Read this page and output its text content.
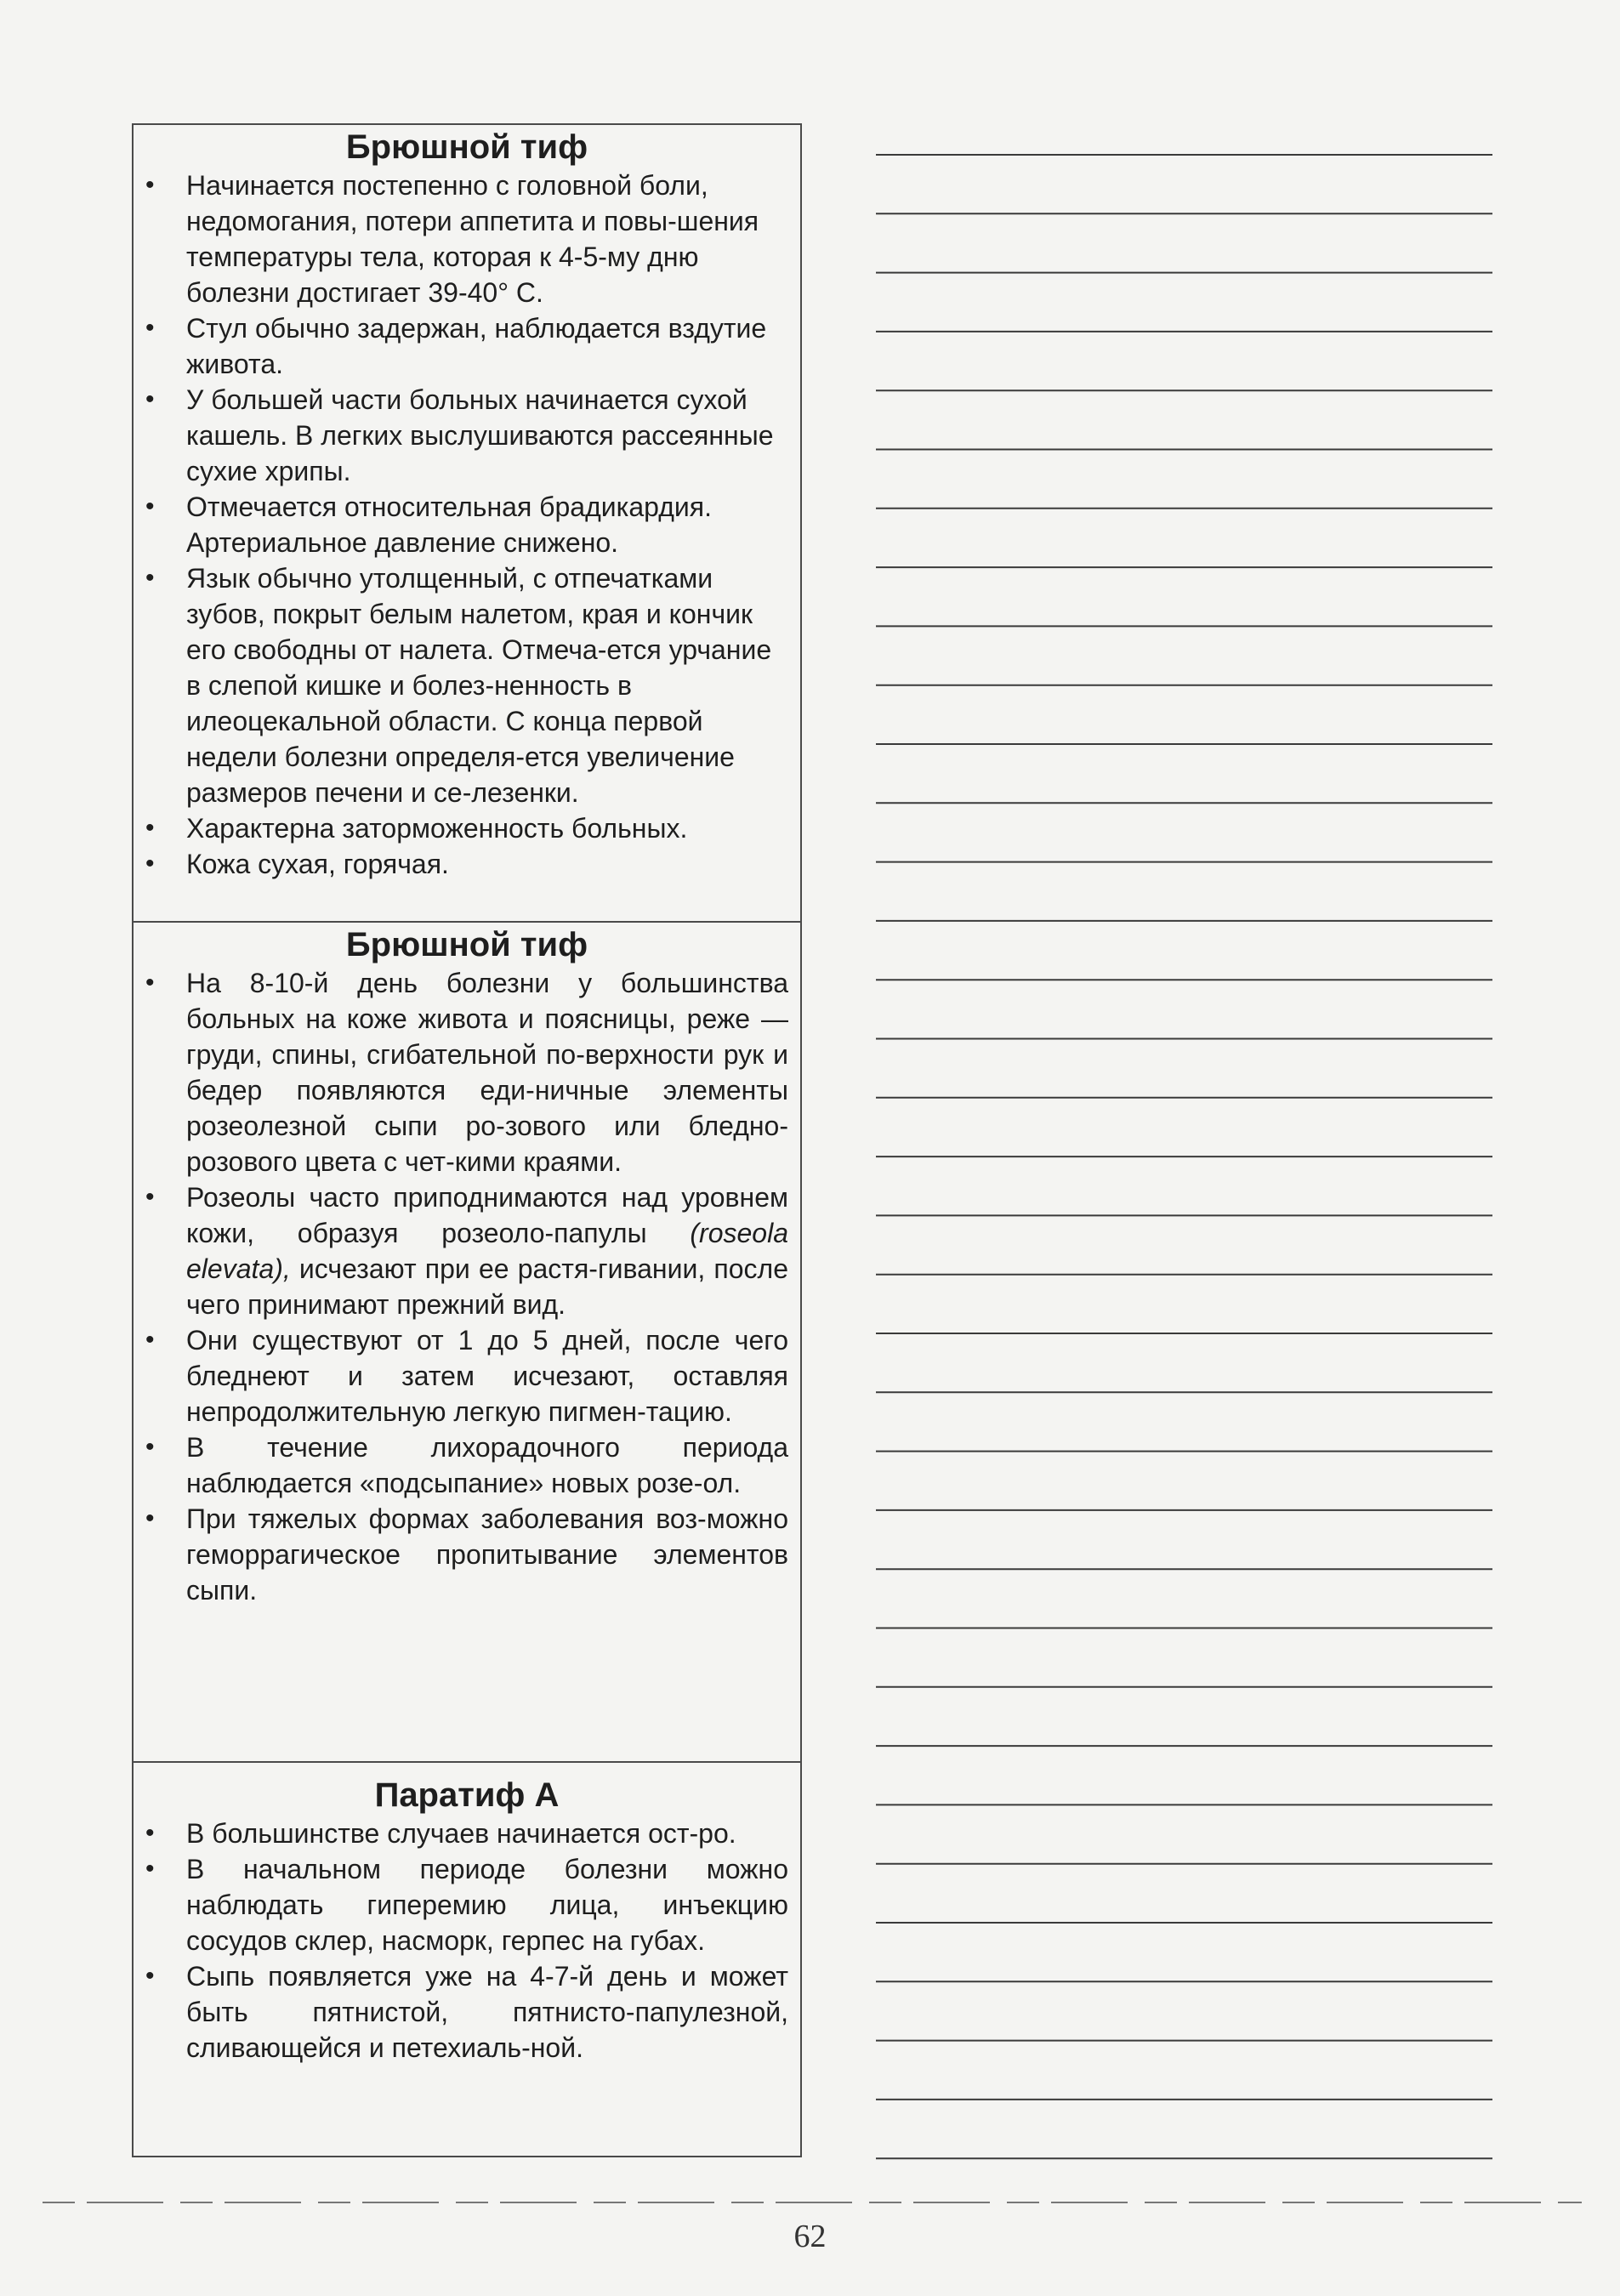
Брюшной тиф
• Начинается постепенно с головной боли, недомогания, потери аппетита и повы-шения температуры тела, которая к 4-5-му дню болезни достигает 39-40° С.
• Стул обычно задержан, наблюдается вздутие живота.
• У большей части больных начинается сухой кашель. В легких выслушиваются рассеянные сухие хрипы.
• Отмечается относительная брадикардия. Артериальное давление снижено.
• Язык обычно утолщенный, с отпечатками зубов, покрыт белым налетом, края и кончик его свободны от налета. Отмеча-ется урчание в слепой кишке и болез-ненность в илеоцекальной области. С конца первой недели болезни определя-ется увеличение размеров печени и се-лезенки.
• Характерна заторможенность больных.
• Кожа сухая, горячая.
Брюшной тиф
• На 8-10-й день болезни у большинства больных на коже живота и поясницы, реже — груди, спины, сгибательной по-верхности рук и бедер появляются еди-ничные элементы розеолезной сыпи ро-зового или бледно-розового цвета с чет-кими краями.
• Розеолы часто приподнимаются над уровнем кожи, образуя розеоло-папулы (roseola elevata), исчезают при ее растя-гивании, после чего принимают прежний вид.
• Они существуют от 1 до 5 дней, после чего бледнеют и затем исчезают, оставляя непродолжительную легкую пигмен-тацию.
• В течение лихорадочного периода наблюдается «подсыпание» новых розе-ол.
• При тяжелых формах заболевания воз-можно геморрагическое пропитывание элементов сыпи.
Паратиф А
• В большинстве случаев начинается ост-ро.
• В начальном периоде болезни можно наблюдать гиперемию лица, инъекцию сосудов склер, насморк, герпес на губах.
• Сыпь появляется уже на 4-7-й день и может быть пятнистой, пятнисто-папулезной, сливающейся и петехиаль-ной.
62
